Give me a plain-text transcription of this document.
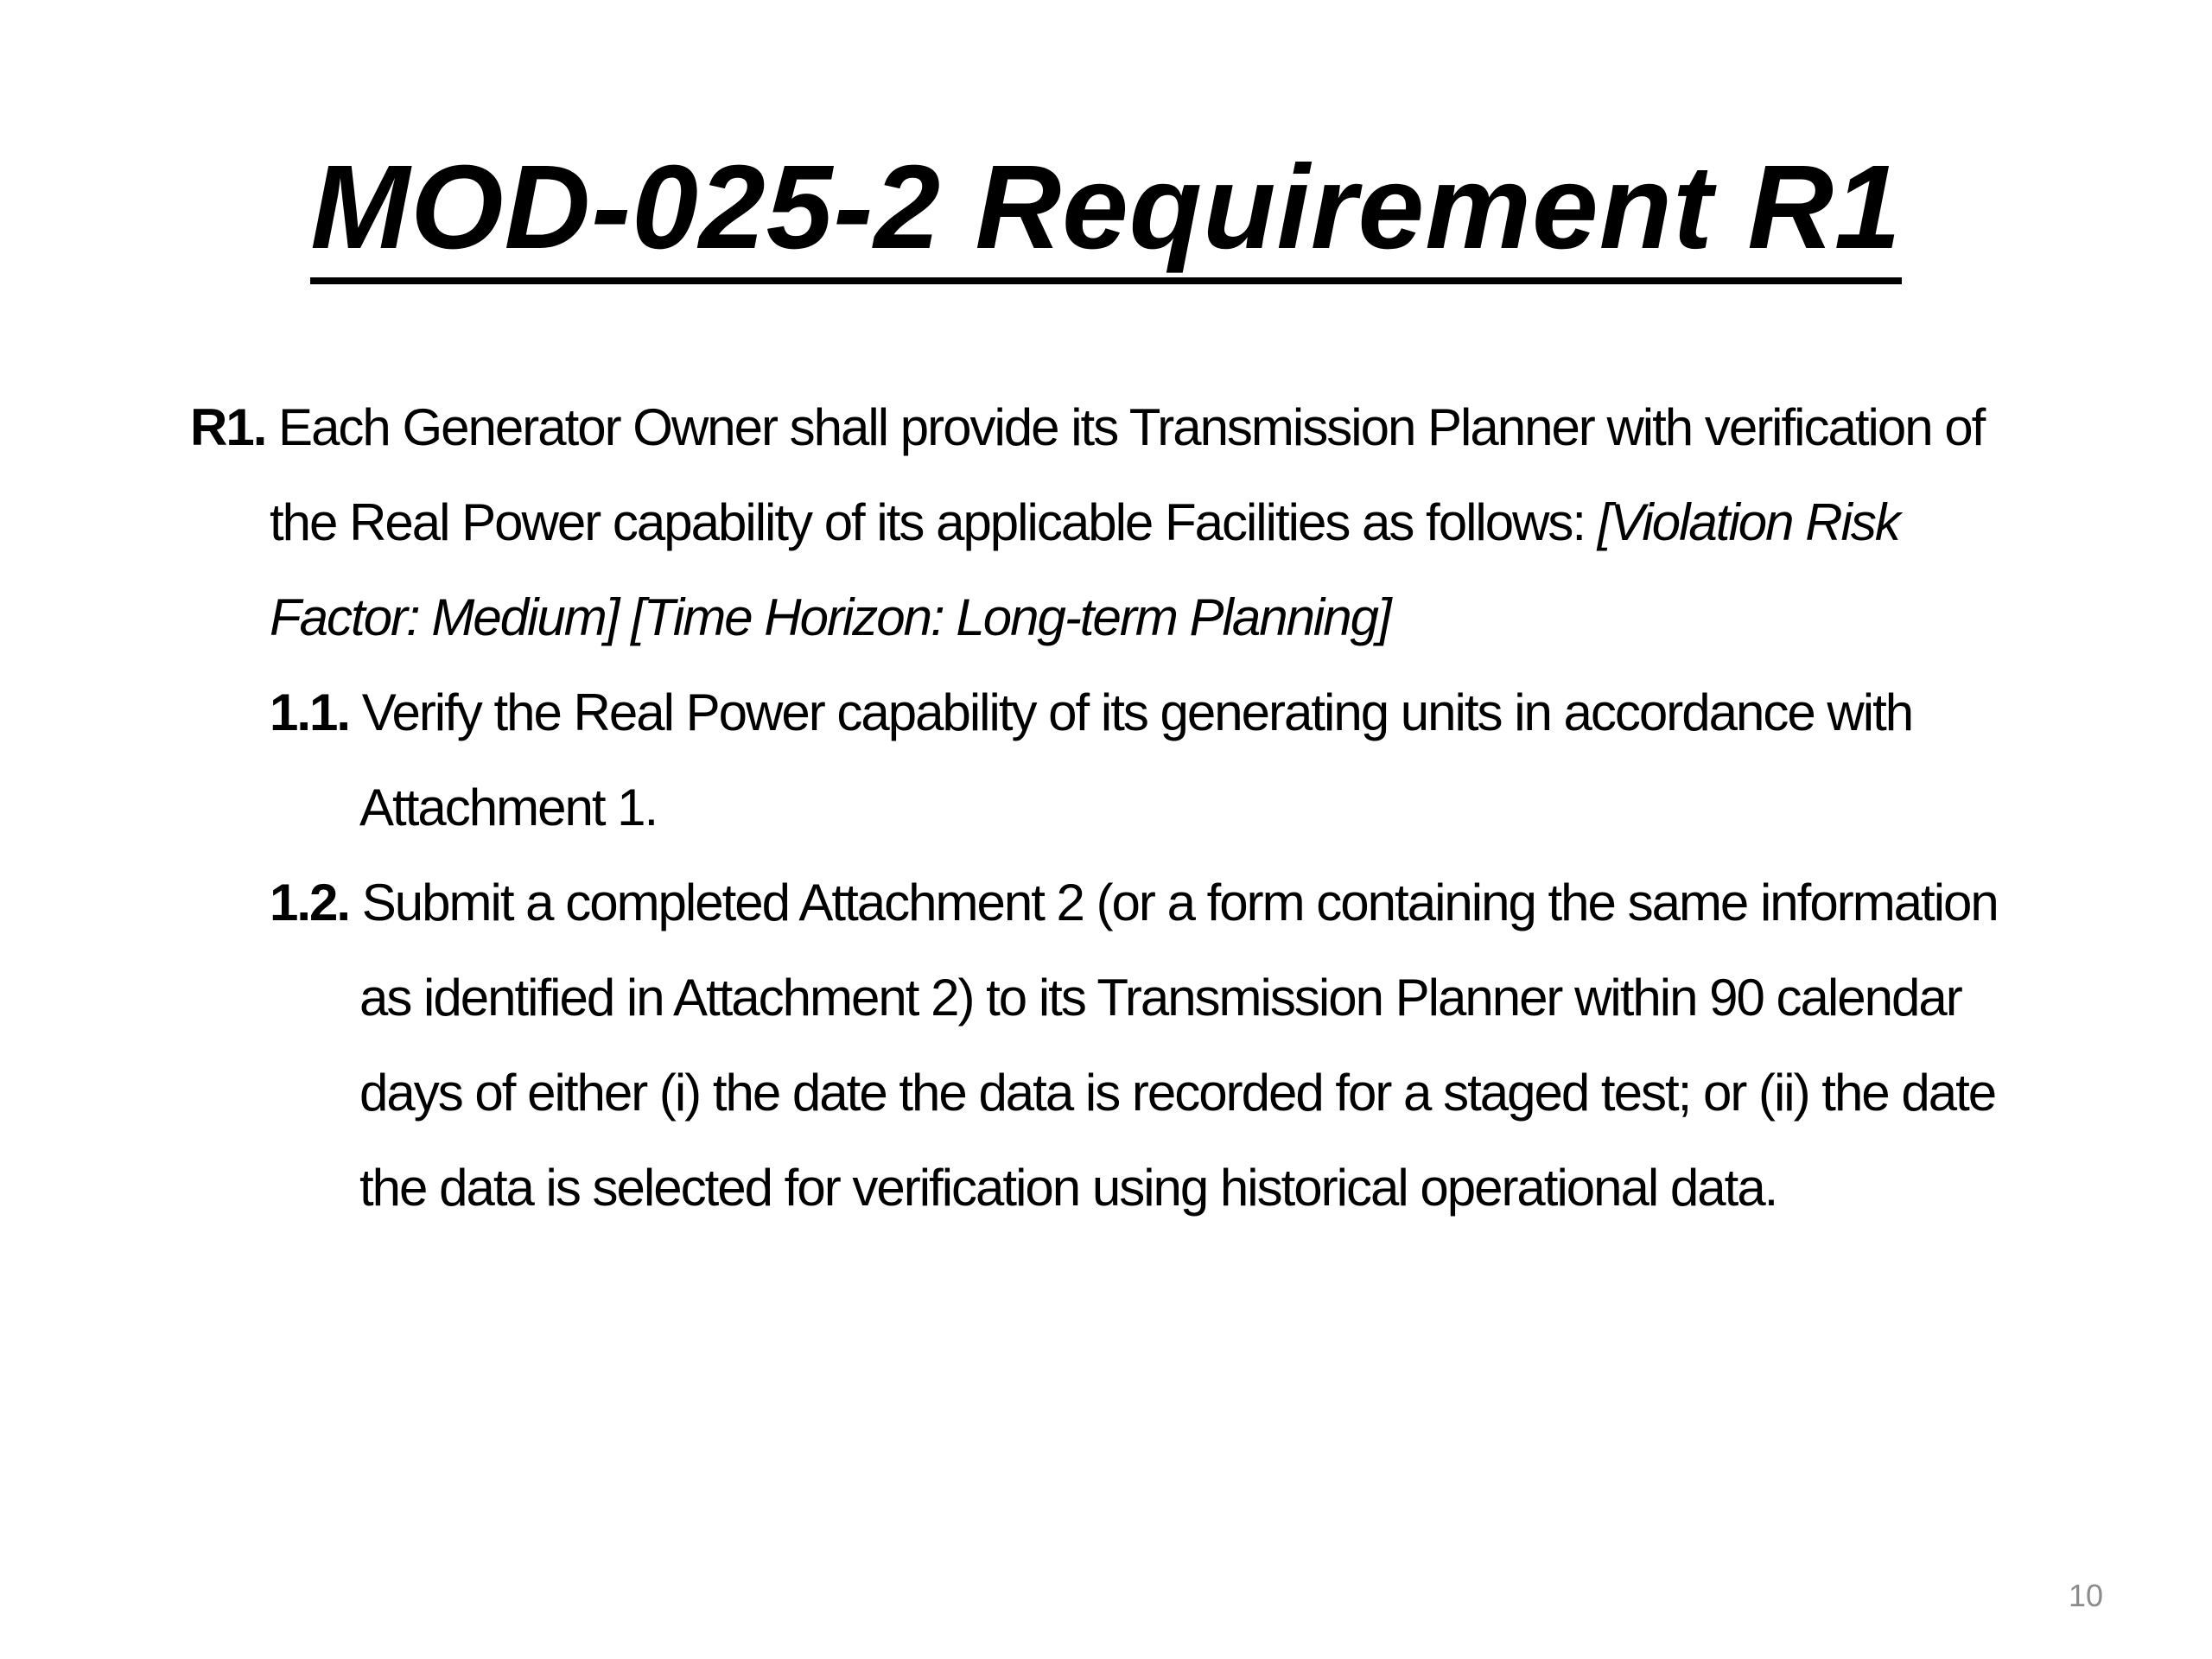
MOD-025-2 Requirement R1

R1. Each Generator Owner shall provide its Transmission Planner with verification of the Real Power capability of its applicable Facilities as follows: [Violation Risk Factor: Medium] [Time Horizon: Long-term Planning]

1.1. Verify the Real Power capability of its generating units in accordance with Attachment 1.

1.2. Submit a completed Attachment 2 (or a form containing the same information as identified in Attachment 2) to its Transmission Planner within 90 calendar days of either (i) the date the data is recorded for a staged test; or (ii) the date the data is selected for verification using historical operational data.

10
